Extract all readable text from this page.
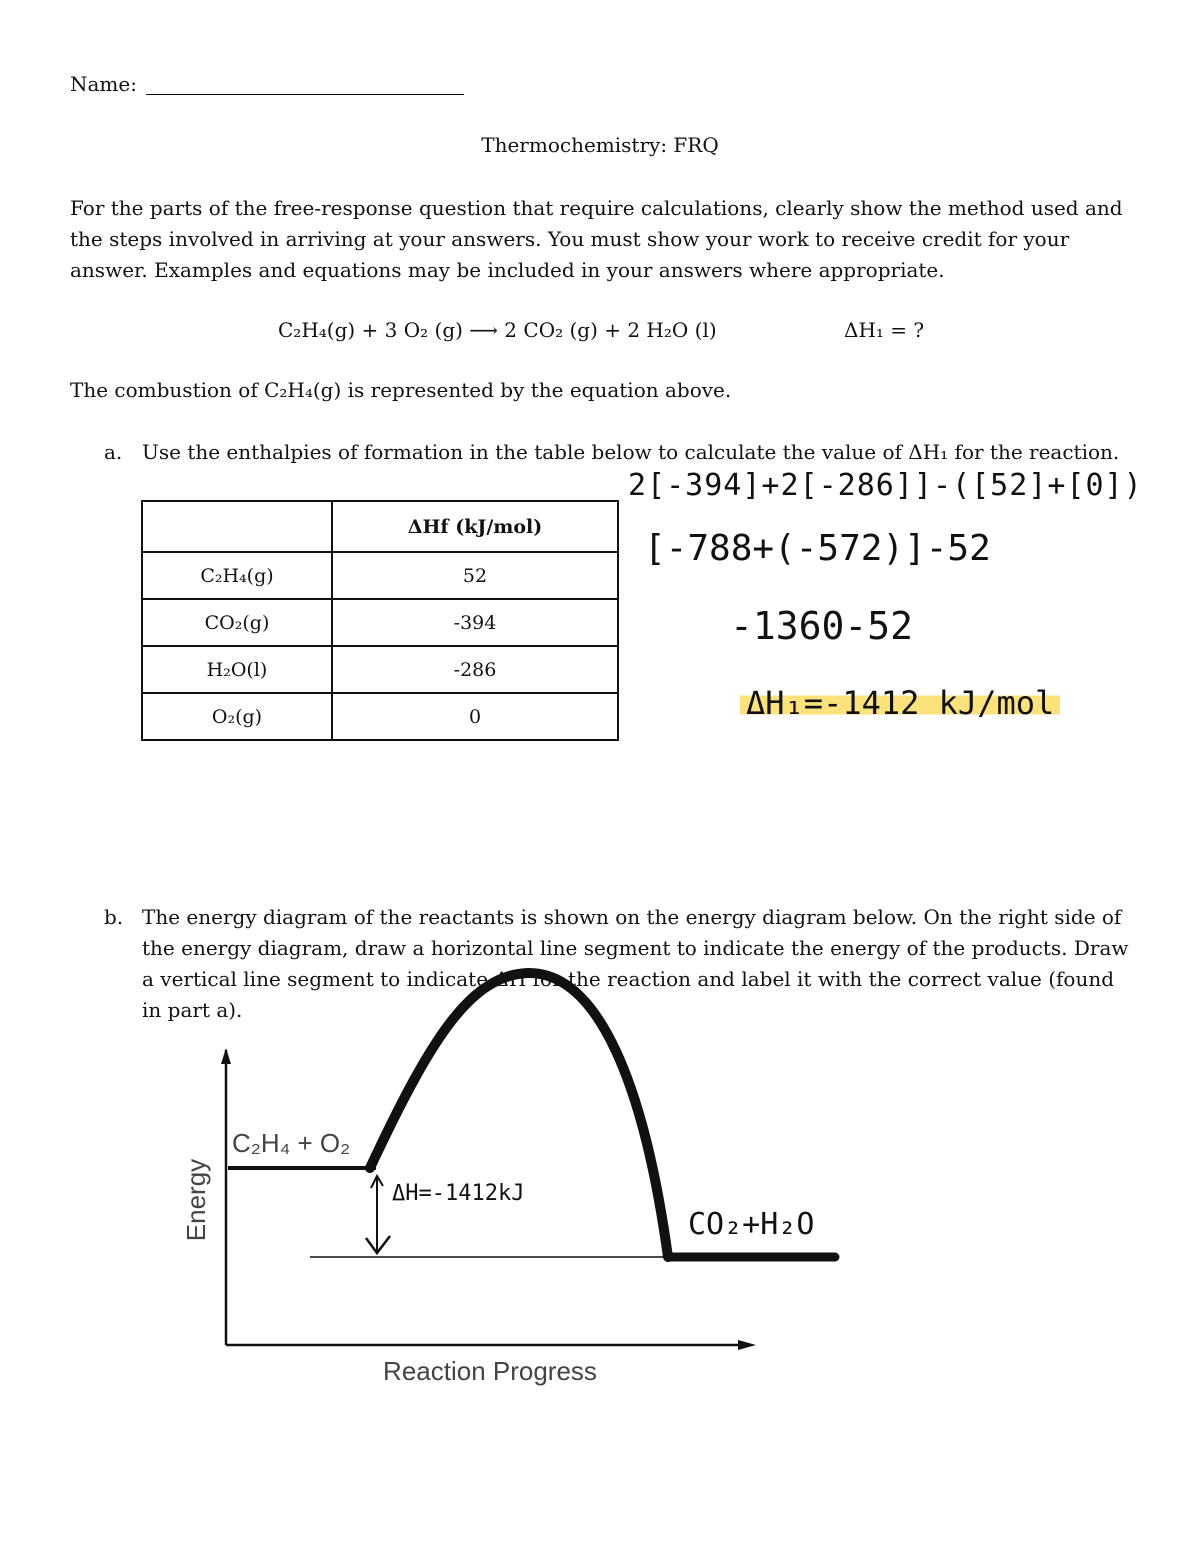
Name:
Thermochemistry: FRQ
For the parts of the free-response question that require calculations, clearly show the method used and the steps involved in arriving at your answers. You must show your work to receive credit for your answer. Examples and equations may be included in your answers where appropriate.
C₂H₄(g) + 3 O₂ (g) ⟶ 2 CO₂ (g) + 2 H₂O (l)	ΔH₁ = ?
The combustion of C₂H₄(g) is represented by the equation above.
a. Use the enthalpies of formation in the table below to calculate the value of ΔH₁ for the reaction.
	ΔHf (kJ/mol)
C₂H₄(g)	52
CO₂(g)	-394
H₂O(l)	-286
O₂(g)	0
2[-394]+2[-286]]-([52]+[0])
[-788+(-572)]-52
-1360-52
ΔH₁=-1412 kJ/mol
b. The energy diagram of the reactants is shown on the energy diagram below. On the right side of the energy diagram, draw a horizontal line segment to indicate the energy of the products. Draw a vertical line segment to indicate ΔH for the reaction and label it with the correct value (found in part a).
Energy
Reaction Progress
C₂H₄ + O₂
ΔH=-1412kJ
CO₂+H₂O
